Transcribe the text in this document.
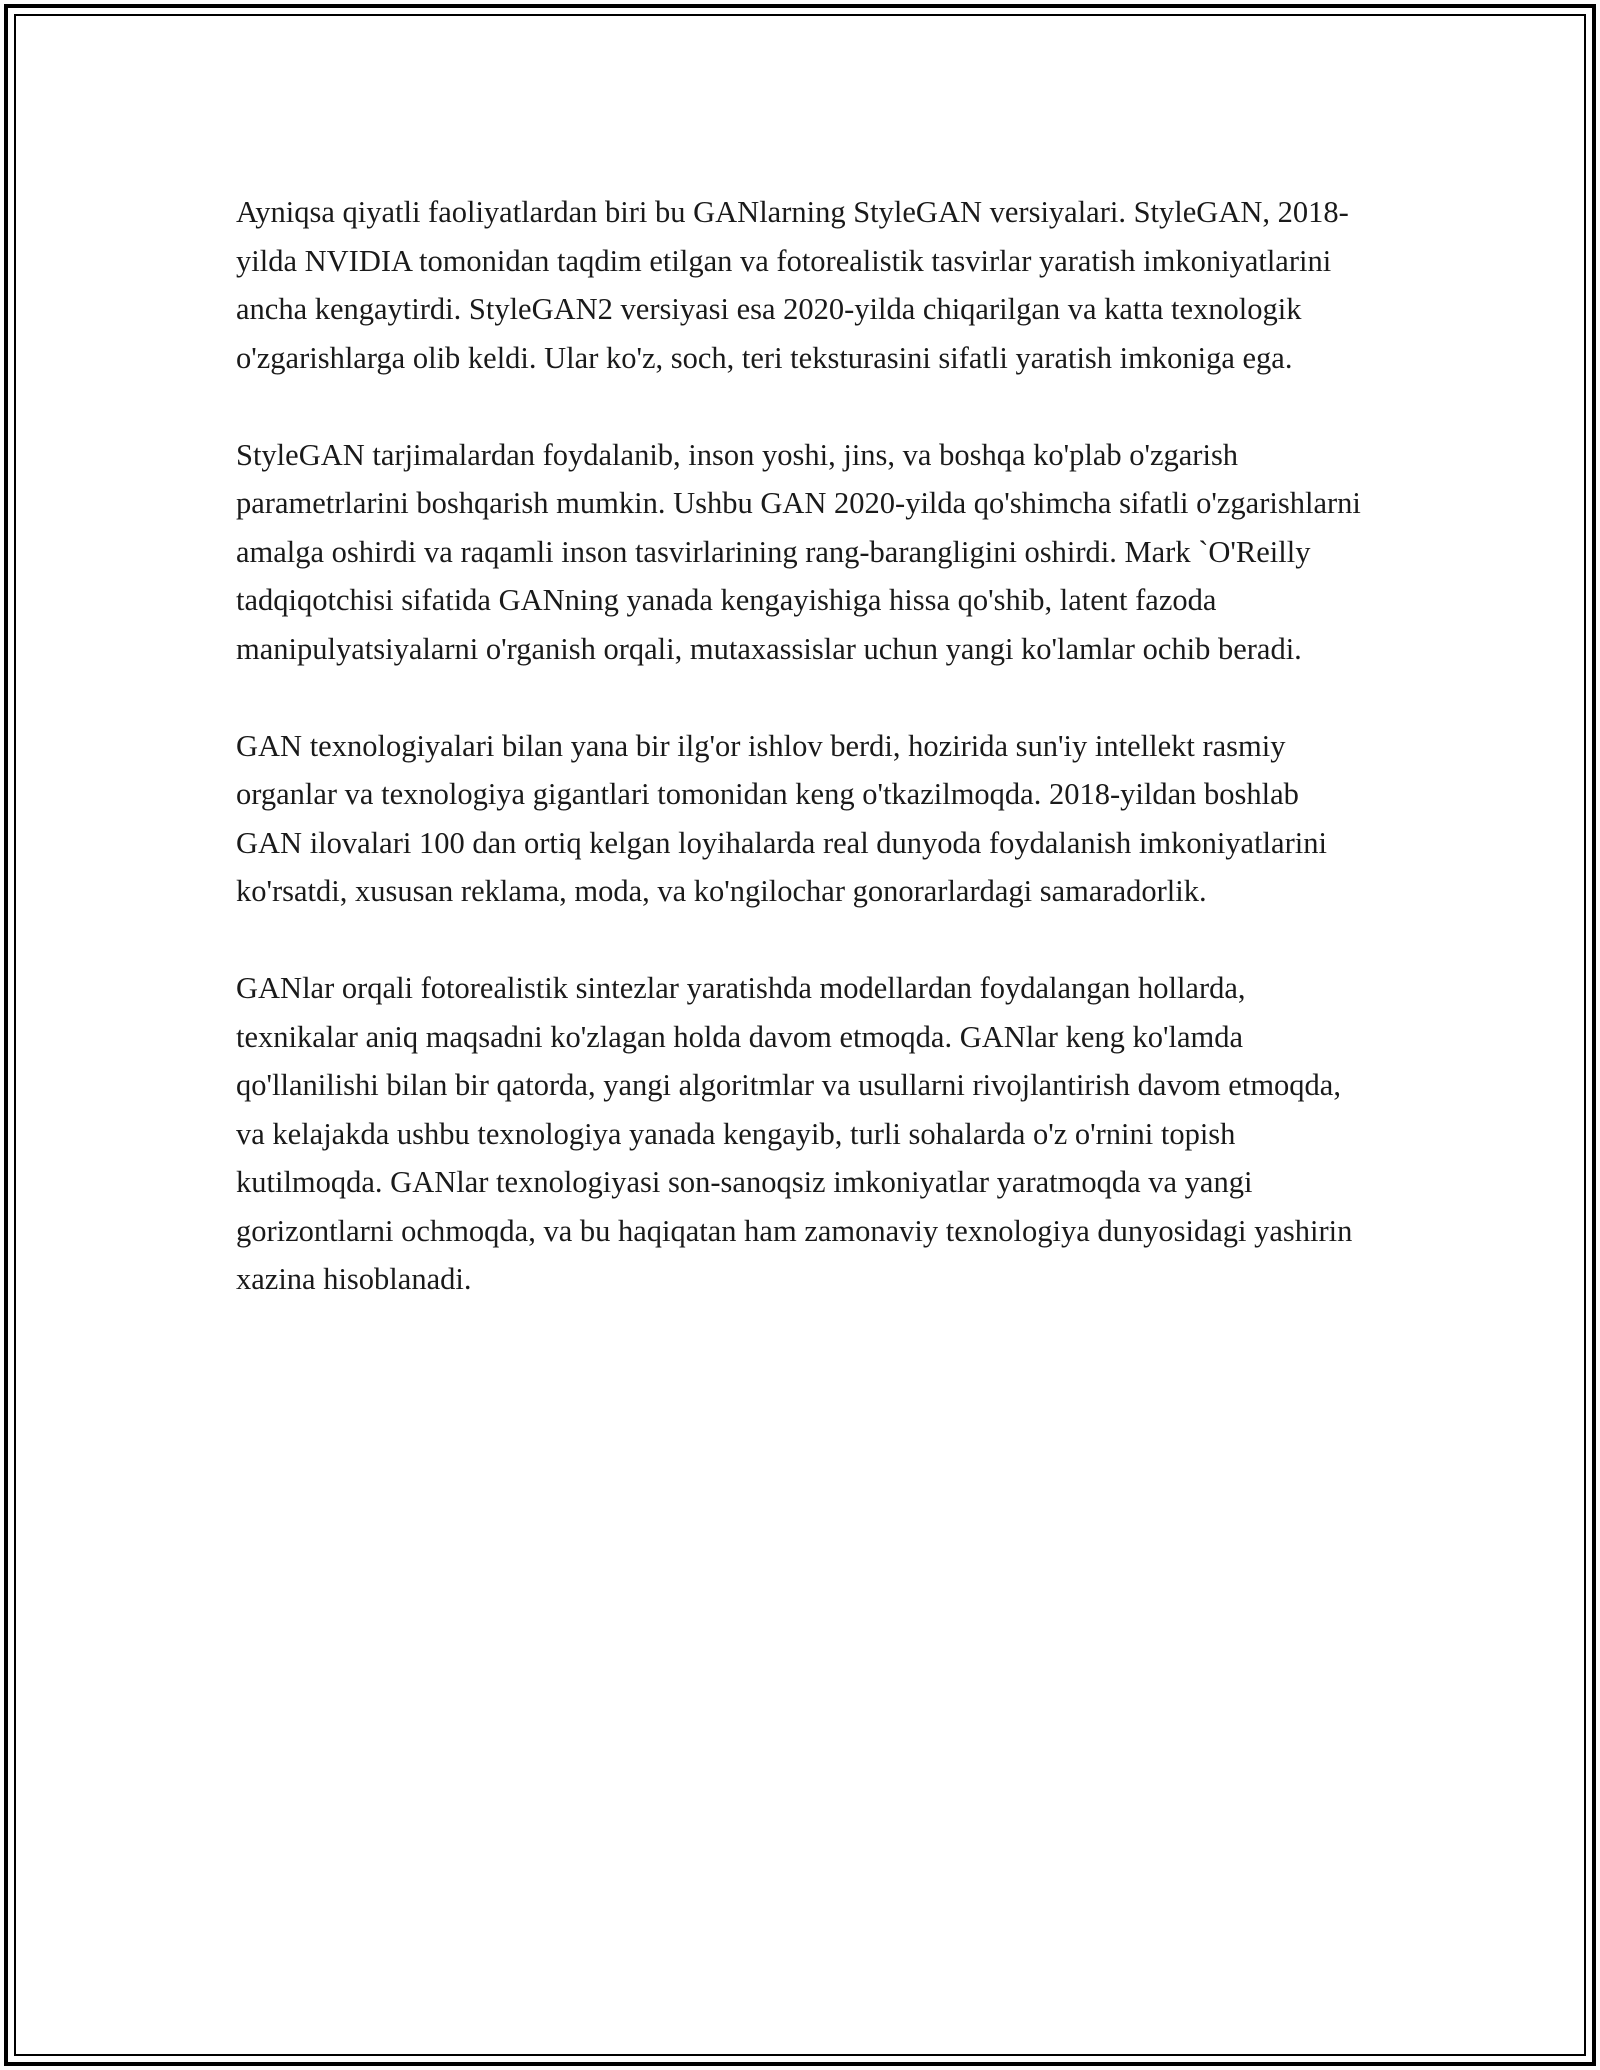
Ayniqsa qiyatli faoliyatlardan biri bu GANlarning StyleGAN versiyalari. StyleGAN, 2018-yilda NVIDIA tomonidan taqdim etilgan va fotorealistik tasvirlar yaratish imkoniyatlarini ancha kengaytirdi. StyleGAN2 versiyasi esa 2020-yilda chiqarilgan va katta texnologik o'zgarishlarga olib keldi. Ular ko'z, soch, teri teksturasini sifatli yaratish imkoniga ega.

StyleGAN tarjimalardan foydalanib, inson yoshi, jins, va boshqa ko'plab o'zgarish parametrlarini boshqarish mumkin. Ushbu GAN 2020-yilda qo'shimcha sifatli o'zgarishlarni amalga oshirdi va raqamli inson tasvirlarining rang-barangligini oshirdi. Mark `O'Reilly tadqiqotchisi sifatida GANning yanada kengayishiga hissa qo'shib, latent fazoda manipulyatsiyalarni o'rganish orqali, mutaxassislar uchun yangi ko'lamlar ochib beradi.

GAN texnologiyalari bilan yana bir ilg'or ishlov berdi, hozirida sun'iy intellekt rasmiy organlar va texnologiya gigantlari tomonidan keng o'tkazilmoqda. 2018-yildan boshlab GAN ilovalari 100 dan ortiq kelgan loyihalarda real dunyoda foydalanish imkoniyatlarini ko'rsatdi, xususan reklama, moda, va ko'ngilochar gonorarlardagi samaradorlik.

GANlar orqali fotorealistik sintezlar yaratishda modellardan foydalangan hollarda, texnikalar aniq maqsadni ko'zlagan holda davom etmoqda. GANlar keng ko'lamda qo'llanilishi bilan bir qatorda, yangi algoritmlar va usullarni rivojlantirish davom etmoqda, va kelajakda ushbu texnologiya yanada kengayib, turli sohalarda o'z o'rnini topish kutilmoqda. GANlar texnologiyasi son-sanoqsiz imkoniyatlar yaratmoqda va yangi gorizontlarni ochmoqda, va bu haqiqatan ham zamonaviy texnologiya dunyosidagi yashirin xazina hisoblanadi.
